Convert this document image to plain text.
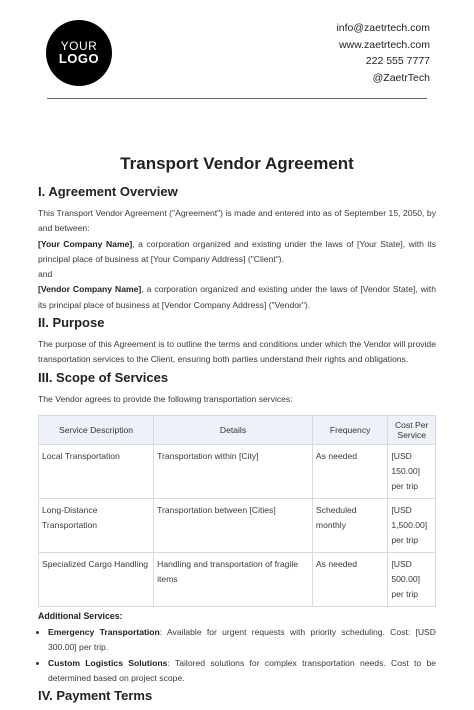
YOUR
LOGO
info@zaetrtech.com
www.zaetrtech.com
222 555 7777
@ZaetrTech
Transport Vendor Agreement
I. Agreement Overview

This Transport Vendor Agreement ("Agreement") is made and entered into as of September 15, 2050, by and between:

[Your Company Name], a corporation organized and existing under the laws of [Your State], with its principal place of business at [Your Company Address] ("Client").

and

[Vendor Company Name], a corporation organized and existing under the laws of [Vendor State], with its principal place of business at [Vendor Company Address] ("Vendor").

II. Purpose

The purpose of this Agreement is to outline the terms and conditions under which the Vendor will provide transportation services to the Client, ensuring both parties understand their rights and obligations.

III. Scope of Services

The Vendor agrees to provide the following transportation services:

Service Description	Details	Frequency	Cost Per Service
Local Transportation	Transportation within [City]	As needed	[USD 150.00] per trip
Long-Distance Transportation	Transportation between [Cities]	Scheduled monthly	[USD 1,500.00] per trip
Specialized Cargo Handling	Handling and transportation of fragile items	As needed	[USD 500.00] per trip
Additional Services:
• Emergency Transportation: Available for urgent requests with priority scheduling. Cost: [USD 300.00] per trip.
• Custom Logistics Solutions: Tailored solutions for complex transportation needs. Cost to be determined based on project scope.
IV. Payment Terms
